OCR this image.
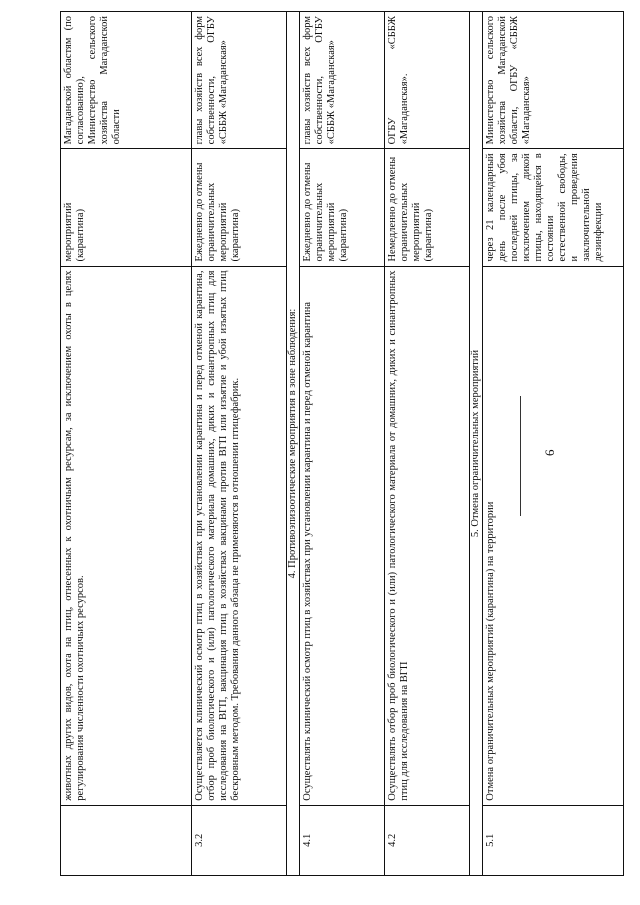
	животных других видов, охота на птиц, отнесенных к охотничьим ресурсам, за исключением охоты в целях регулирования численности охотничьих ресурсов.	мероприятий (карантина)	Магаданской областям (по согласованию), Министерство сельского хозяйства Магаданской области
3.2	Осуществляется клинический осмотр птиц в хозяйствах при установлении карантина и перед отменой карантина, отбор проб биологического и (или) патологического материала домашних, диких и синантропных птиц для исследования на ВГП, вакцинация птиц в хозяйствах вакцинами против ВГП или изъятие и убой изъятых птиц бескровным методом. Требования данного абзаца не применяются в отношении птицефабрик.	Ежедневно до отмены ограничительных мероприятий (карантина)	главы хозяйств всех форм собственности, ОГБУ «СББЖ «Магаданская»
4. Противоэпизоотические мероприятия в зоне наблюдения:			
4.1	Осуществлять клинический осмотр птиц в хозяйствах при установлении карантина и перед отменой карантина	Ежедневно до отмены ограничительных мероприятий (карантина)	главы хозяйств всех форм собственности, ОГБУ «СББЖ «Магаданская»
4.2	Осуществлять отбор проб биологического и (или) патологического материала от домашних, диких и синантропных птиц для исследования на ВГП	Немедленно до отмены ограничительных мероприятий (карантина)	ОГБУ «СББЖ «Магаданская».
5. Отмена ограничительных мероприятий			
5.1	Отмена ограничительных мероприятий (карантина) на территории	через 21 календарный день после убоя последней птицы, за исключением дикой птицы, находящейся в состоянии естественной свободы, и проведения заключительной дезинфекции	Министерство сельского хозяйства Магаданской области, ОГБУ «СББЖ «Магаданская»
6
